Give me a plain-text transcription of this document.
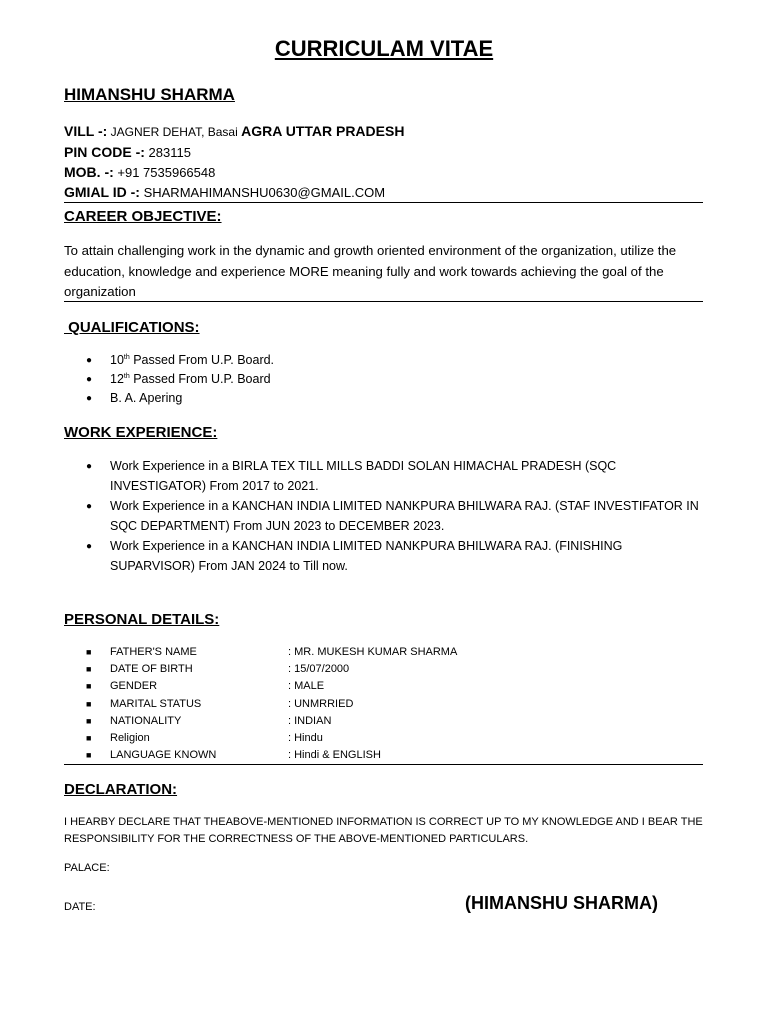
CURRICULAM VITAE
HIMANSHU SHARMA
VILL -: JAGNER DEHAT, Basai AGRA UTTAR PRADESH
PIN CODE -: 283115
MOB. -: +91 7535966548
GMIAL ID -: SHARMAHIMANSHU0630@GMAIL.COM
CAREER OBJECTIVE:
To attain challenging work in the dynamic and growth oriented environment of the organization, utilize the education, knowledge and experience MORE meaning fully and work towards achieving the goal of the organization
QUALIFICATIONS:
● 10th Passed From U.P. Board.
● 12th Passed From U.P. Board
● B. A. Apering
WORK EXPERIENCE:
● Work Experience in a BIRLA TEX TILL MILLS BADDI SOLAN HIMACHAL PRADESH (SQC INVESTIGATOR) From 2017 to 2021.
● Work Experience in a KANCHAN INDIA LIMITED NANKPURA BHILWARA RAJ. (STAF INVESTIFATOR IN SQC DEPARTMENT) From JUN 2023 to DECEMBER 2023.
● Work Experience in a KANCHAN INDIA LIMITED NANKPURA BHILWARA RAJ. (FINISHING SUPARVISOR) From JAN 2024 to Till now.
PERSONAL DETAILS:
■ FATHER'S NAME	: MR. MUKESH KUMAR SHARMA
■ DATE OF BIRTH	: 15/07/2000
■ GENDER	: MALE
■ MARITAL STATUS	: UNMRRIED
■ NATIONALITY	: INDIAN
■ Religion	: Hindu
■ LANGUAGE KNOWN	: Hindi & ENGLISH
DECLARATION:
I HEARBY DECLARE THAT THEABOVE-MENTIONED INFORMATION IS CORRECT UP TO MY KNOWLEDGE AND I BEAR THE RESPONSIBILITY FOR THE CORRECTNESS OF THE ABOVE-MENTIONED PARTICULARS.
PALACE:
DATE:	(HIMANSHU SHARMA)
